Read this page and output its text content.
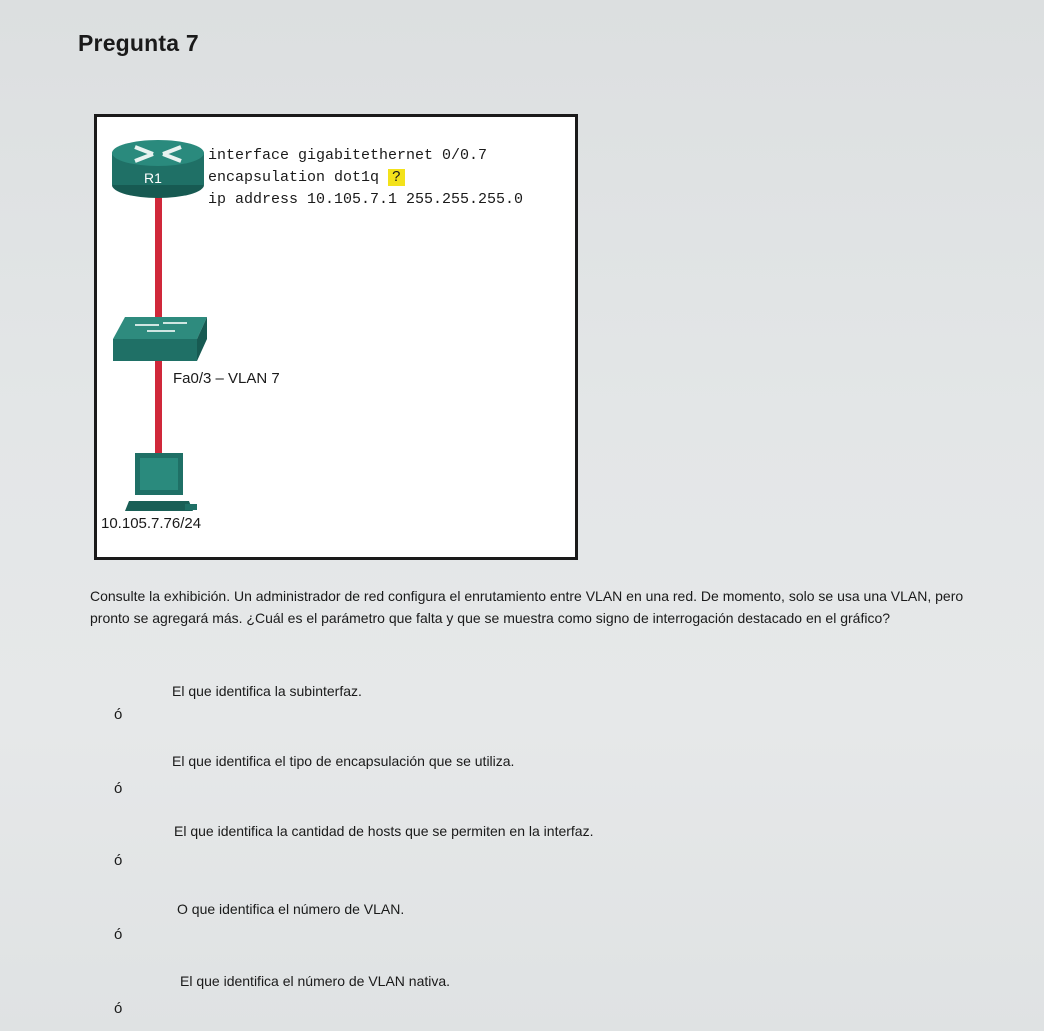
Pregunta 7
R1
interface gigabitethernet 0/0.7
encapsulation dot1q ?
ip address 10.105.7.1 255.255.255.0
Fa0/3 – VLAN 7
10.105.7.76/24
Consulte la exhibición. Un administrador de red configura el enrutamiento entre VLAN en una red. De momento, solo se usa una VLAN, pero
pronto se agregará más. ¿Cuál es el parámetro que falta y que se muestra como signo de interrogación destacado en el gráfico?
El que identifica la subinterfaz.
ó
El que identifica el tipo de encapsulación que se utiliza.
ó
El que identifica la cantidad de hosts que se permiten en la interfaz.
ó
O que identifica el número de VLAN.
ó
El que identifica el número de VLAN nativa.
ó
